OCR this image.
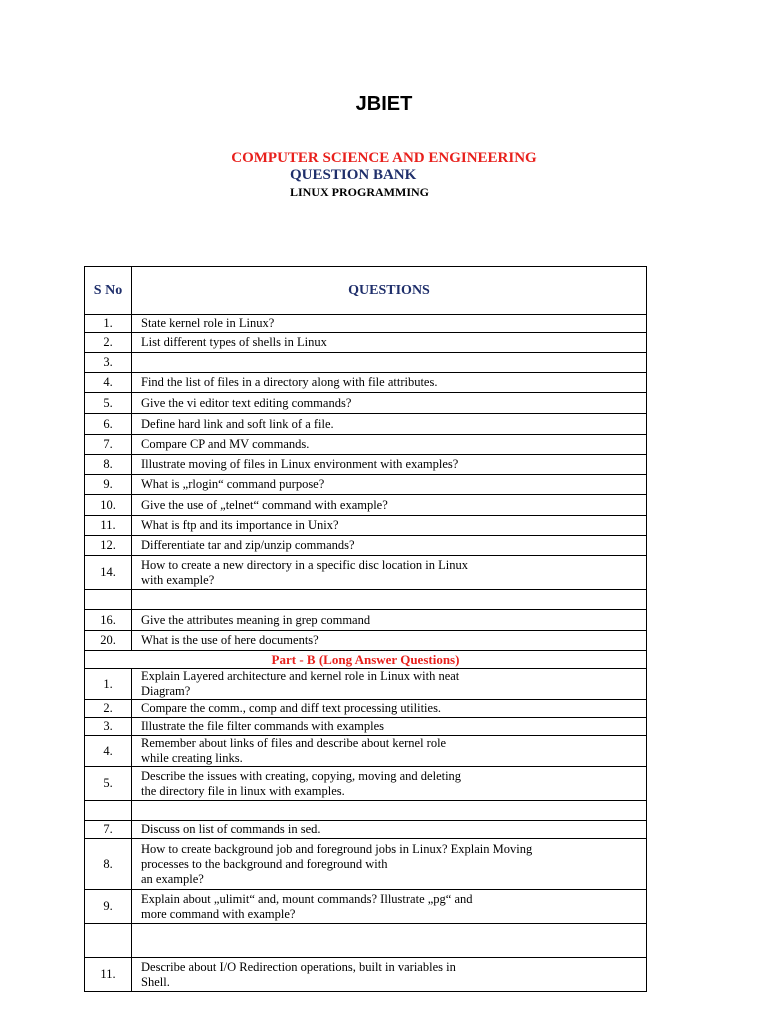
JBIET
COMPUTER SCIENCE AND ENGINEERING
QUESTION BANK
LINUX PROGRAMMING
S No	QUESTIONS
1.	State kernel role in Linux?
2.	List different types of shells in Linux
3.	
4.	Find the list of files in a directory along with file attributes.
5.	Give the vi editor text editing commands?
6.	Define hard link and soft link of a file.
7.	Compare CP and MV commands.
8.	Illustrate moving of files in Linux environment with examples?
9.	What is „rlogin“ command purpose?
10.	Give the use of „telnet“ command with example?
11.	What is ftp and its importance in Unix?
12.	Differentiate tar and zip/unzip commands?
14.	How to create a new directory in a specific disc location in Linux
with example?

16.	Give the attributes meaning in grep command
20.	What is the use of here documents?
Part - B (Long Answer Questions)	
1.	Explain Layered architecture and kernel role in Linux with neat
Diagram?
2.	Compare the comm., comp and diff text processing utilities.
3.	Illustrate the file filter commands with examples
4.	Remember about links of files and describe about kernel role
while creating links.
5.	Describe the issues with creating, copying, moving and deleting
the directory file in linux with examples.

7.	Discuss on list of commands in sed.
8.	How to create background job and foreground jobs in Linux? Explain Moving
processes to the background and foreground with
an example?
9.	Explain about „ulimit“ and, mount commands? Illustrate „pg“ and
more command with example?

11.	Describe about I/O Redirection operations, built in variables in
Shell.
